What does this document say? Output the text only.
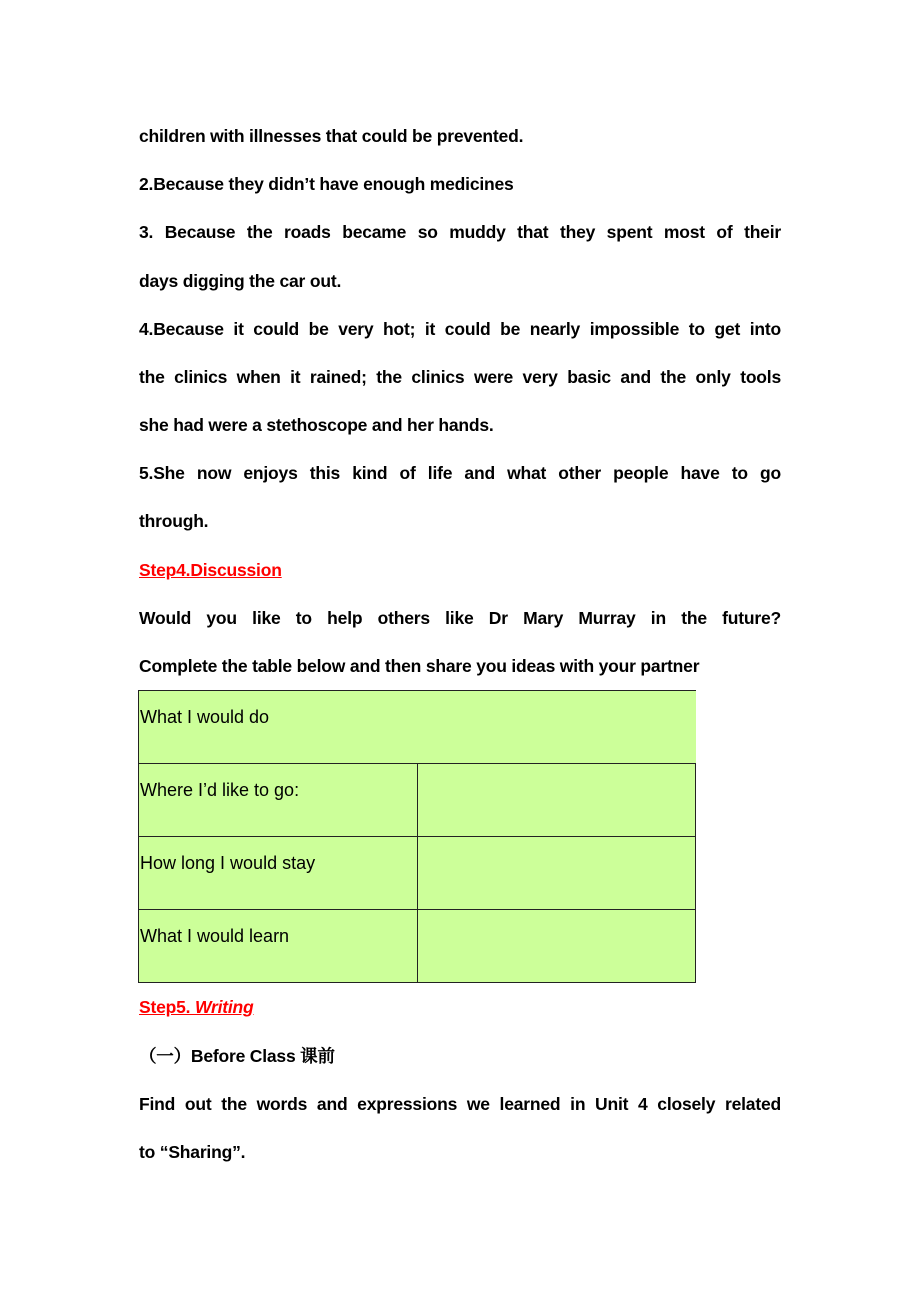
children with illnesses that could be prevented.
2.Because they didn’t have enough medicines
3. Because the roads became so muddy that they spent most of their
days digging the car out.
4.Because it could be very hot; it could be nearly impossible to get into
the clinics when it rained; the clinics were very basic and the only tools
she had were a stethoscope and her hands.
5.She now enjoys this kind of life and what other people have to go
through.
Step4.Discussion
Would you like to help others like Dr Mary Murray in the future?
Complete the table below and then share you ideas with your partner
What I would do	
Where I’d like to go:	
How long I would stay	
What I would learn	
Step5. Writing
（一）Before Class 课前
Find out the words and expressions we learned in Unit 4 closely related
to “Sharing”.
